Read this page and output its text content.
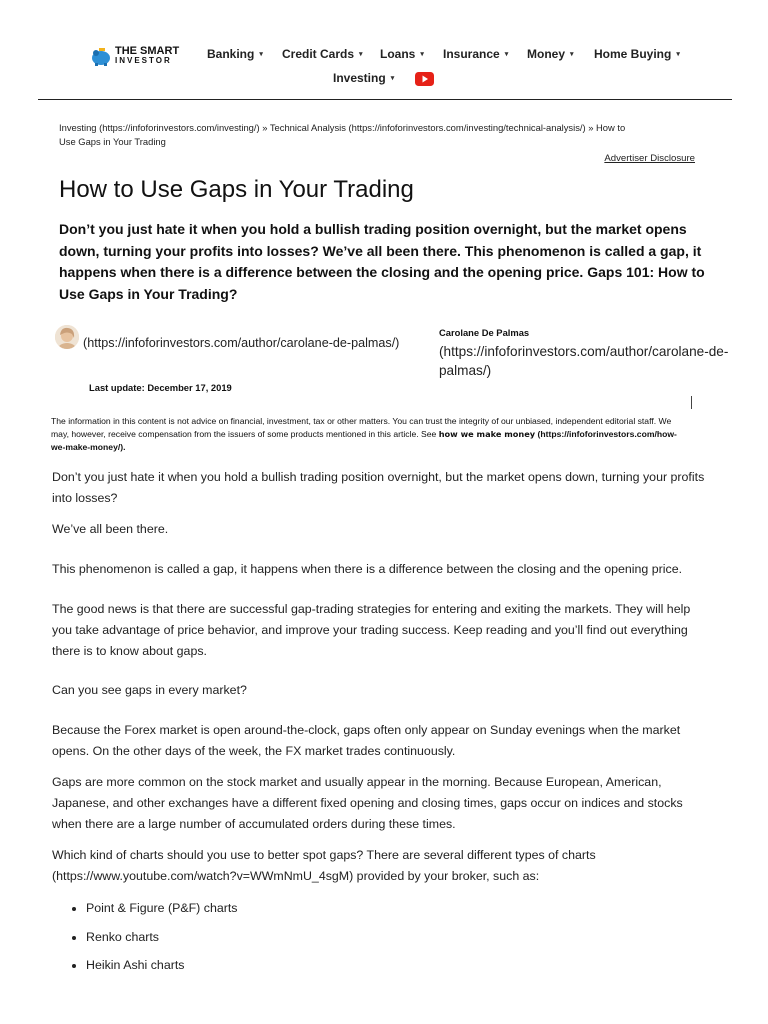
THE SMART
INVESTOR	Banking ▾ Credit Cards ▾ Loans ▾ Insurance ▾ Money ▾ Home Buying ▾
Investing ▾
Investing (https://infoforinvestors.com/investing/) » Technical Analysis (https://infoforinvestors.com/investing/technical-analysis/) » How to
Use Gaps in Your Trading
Advertiser Disclosure
How to Use Gaps in Your Trading
Don’t you just hate it when you hold a bullish trading position overnight, but the market opens down, turning your profits into losses? We’ve all been there. This phenomenon is called a gap, it happens when there is a difference between the closing and the opening price. Gaps 101: How to Use Gaps in Your Trading?
(https://infoforinvestors.com/author/carolane-de-palmas/)
Carolane De Palmas
(https://infoforinvestors.com/author/carolane-de-palmas/)
Last update: December 17, 2019
The information in this content is not advice on financial, investment, tax or other matters. You can trust the integrity of our unbiased, independent editorial staff. We may, however, receive compensation from the issuers of some products mentioned in this article. See how we make money (https://infoforinvestors.com/how-we-make-money/).

Don’t you just hate it when you hold a bullish trading position overnight, but the market opens down, turning your profits into losses?

We’ve all been there.

This phenomenon is called a gap, it happens when there is a difference between the closing and the opening price.

The good news is that there are successful gap-trading strategies for entering and exiting the markets. They will help you take advantage of price behavior, and improve your trading success. Keep reading and you’ll find out everything there is to know about gaps.

Can you see gaps in every market?

Because the Forex market is open around-the-clock, gaps often only appear on Sunday evenings when the market opens. On the other days of the week, the FX market trades continuously.

Gaps are more common on the stock market and usually appear in the morning. Because European, American, Japanese, and other exchanges have a different fixed opening and closing times, gaps occur on indices and stocks when there are a large number of accumulated orders during these times.

Which kind of charts should you use to better spot gaps? There are several different types of charts (https://www.youtube.com/watch?v=WWmNmU_4sgM) provided by your broker, such as:

• Point & Figure (P&F) charts
• Renko charts
• Heikin Ashi charts
